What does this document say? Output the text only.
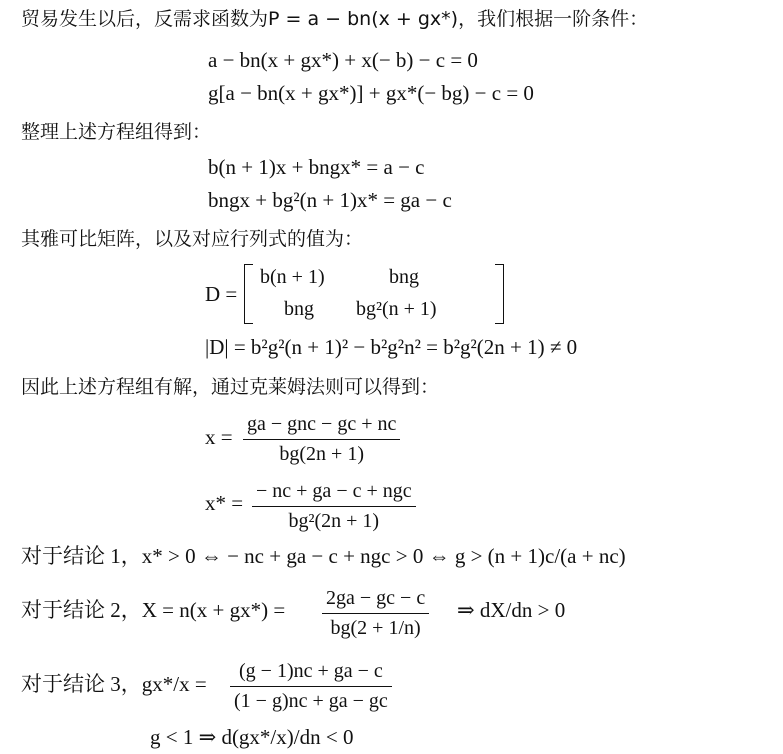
贸易发生以后，反需求函数为P = a − bn(x + gx*)，我们根据一阶条件：
a − bn(x + gx*) + x(− b) − c = 0
g[a − bn(x + gx*)] + gx*(− bg) − c = 0
整理上述方程组得到：
b(n + 1)x + bngx* = a − c
bngx + bg²(n + 1)x* = ga − c
其雅可比矩阵，以及对应行列式的值为：
D =
b(n + 1)	bng
bng bg²(n + 1)
|D| = b²g²(n + 1)² − b²g²n² = b²g²(2n + 1) ≠ 0
因此上述方程组有解，通过克莱姆法则可以得到：
x =
ga − gnc − gc + nc
bg(2n + 1)
x* = − nc + ga − c + ngc
bg²(2n + 1)
对于结论 1，x* > 0 ⇔ − nc + ga − c + ngc > 0 ⇔ g > (n + 1)c/(a + nc)
对于结论 2，X = n(x + gx*) = 2ga − gc − c
bg(2 + 1/n)
⇒ dX/dn > 0
对于结论 3，gx*/x =
(g − 1)nc + ga − c
(1 − g)nc + ga − gc
g < 1 ⇒ d(gx*/x)/dn < 0
